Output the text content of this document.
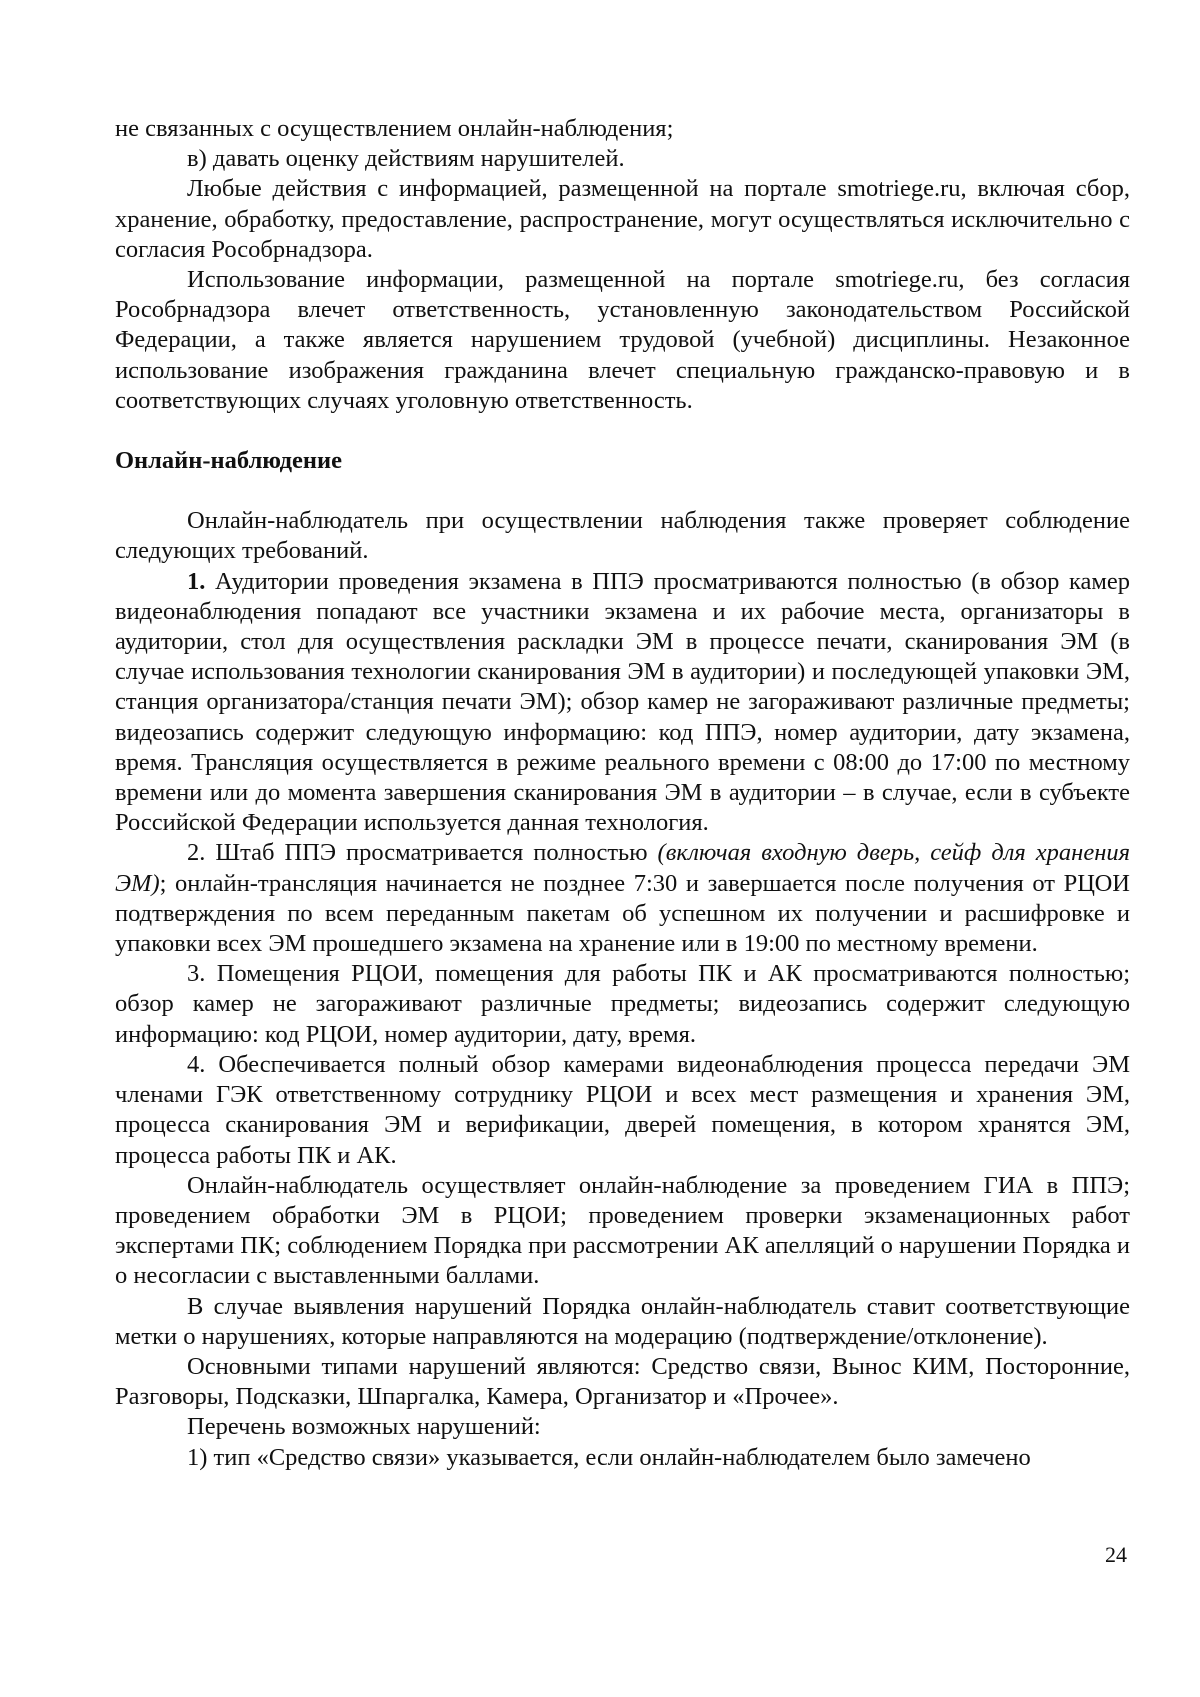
не связанных с осуществлением онлайн-наблюдения;

в) давать оценку действиям нарушителей.

Любые действия с информацией, размещенной на портале smotriege.ru, включая сбор, хранение, обработку, предоставление, распространение, могут осуществляться исключительно с согласия Рособрнадзора.

Использование информации, размещенной на портале smotriege.ru, без согласия Рособрнадзора влечет ответственность, установленную законодательством Российской Федерации, а также является нарушением трудовой (учебной) дисциплины. Незаконное использование изображения гражданина влечет специальную гражданско-правовую и в соответствующих случаях уголовную ответственность.

Онлайн-наблюдение

Онлайн-наблюдатель при осуществлении наблюдения также проверяет соблюдение следующих требований.

1. Аудитории проведения экзамена в ППЭ просматриваются полностью (в обзор камер видеонаблюдения попадают все участники экзамена и их рабочие места, организаторы в аудитории, стол для осуществления раскладки ЭМ в процессе печати, сканирования ЭМ (в случае использования технологии сканирования ЭМ в аудитории) и последующей упаковки ЭМ, станция организатора/станция печати ЭМ); обзор камер не загораживают различные предметы; видеозапись содержит следующую информацию: код ППЭ, номер аудитории, дату экзамена, время. Трансляция осуществляется в режиме реального времени с 08:00 до 17:00 по местному времени или до момента завершения сканирования ЭМ в аудитории – в случае, если в субъекте Российской Федерации используется данная технология.

2. Штаб ППЭ просматривается полностью (включая входную дверь, сейф для хранения ЭМ); онлайн-трансляция начинается не позднее 7:30 и завершается после получения от РЦОИ подтверждения по всем переданным пакетам об успешном их получении и расшифровке и упаковки всех ЭМ прошедшего экзамена на хранение или в 19:00 по местному времени.

3. Помещения РЦОИ, помещения для работы ПК и АК просматриваются полностью; обзор камер не загораживают различные предметы; видеозапись содержит следующую информацию: код РЦОИ, номер аудитории, дату, время.

4. Обеспечивается полный обзор камерами видеонаблюдения процесса передачи ЭМ членами ГЭК ответственному сотруднику РЦОИ и всех мест размещения и хранения ЭМ, процесса сканирования ЭМ и верификации, дверей помещения, в котором хранятся ЭМ, процесса работы ПК и АК.

Онлайн-наблюдатель осуществляет онлайн-наблюдение за проведением ГИА в ППЭ; проведением обработки ЭМ в РЦОИ; проведением проверки экзаменационных работ экспертами ПК; соблюдением Порядка при рассмотрении АК апелляций о нарушении Порядка и о несогласии с выставленными баллами.

В случае выявления нарушений Порядка онлайн-наблюдатель ставит соответствующие метки о нарушениях, которые направляются на модерацию (подтверждение/отклонение).

Основными типами нарушений являются: Средство связи, Вынос КИМ, Посторонние, Разговоры, Подсказки, Шпаргалка, Камера, Организатор и «Прочее».

Перечень возможных нарушений:

1) тип «Средство связи» указывается, если онлайн-наблюдателем было замечено

24
